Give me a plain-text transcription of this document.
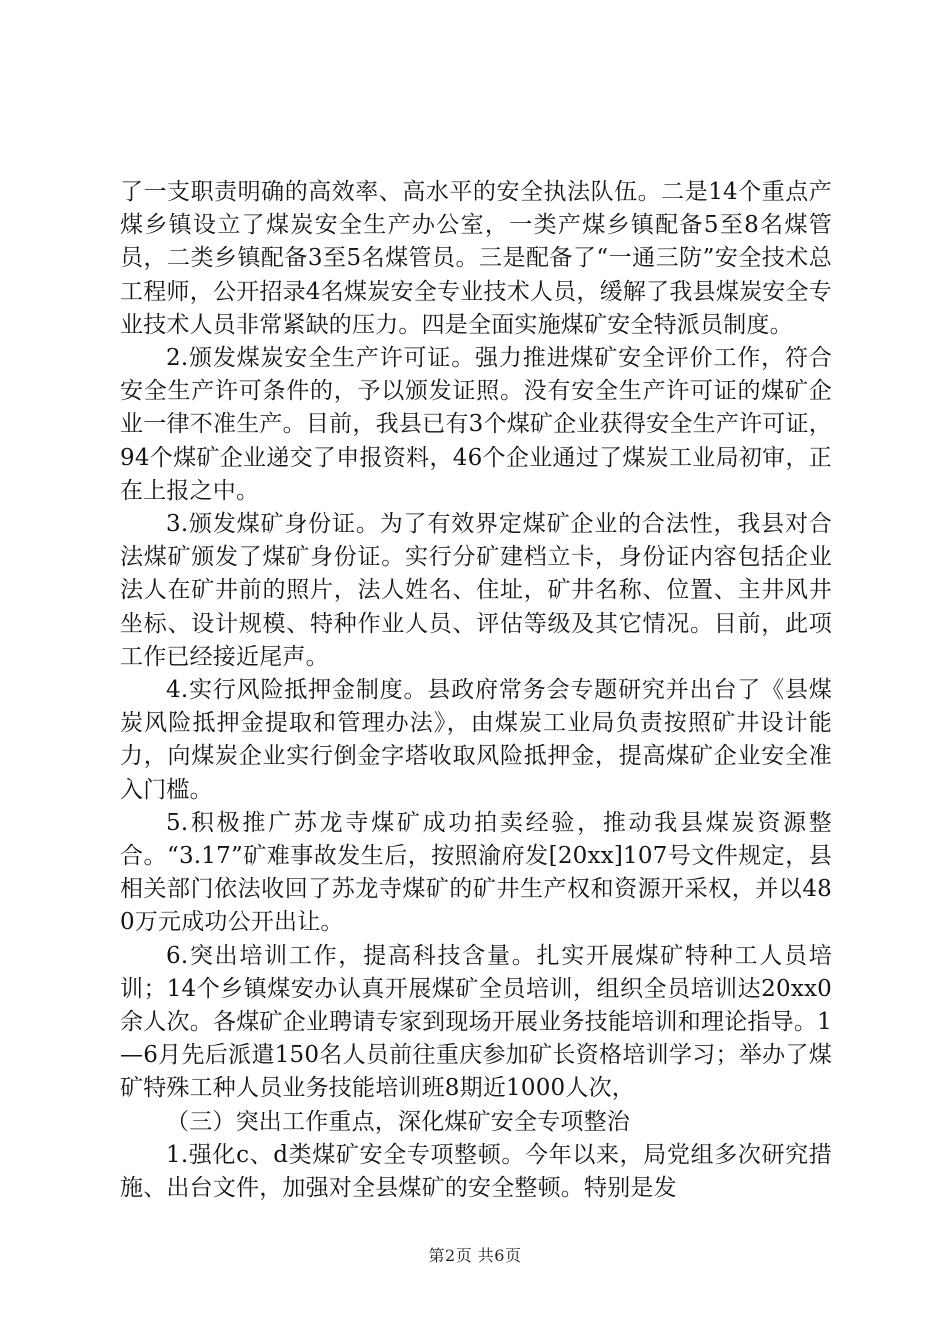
了一支职责明确的高效率、高水平的安全执法队伍。二是14个重点产煤乡镇设立了煤炭安全生产办公室，一类产煤乡镇配备5至8名煤管员，二类乡镇配备3至5名煤管员。三是配备了“一通三防”安全技术总工程师，公开招录4名煤炭安全专业技术人员，缓解了我县煤炭安全专业技术人员非常紧缺的压力。四是全面实施煤矿安全特派员制度。

2.颁发煤炭安全生产许可证。强力推进煤矿安全评价工作，符合安全生产许可条件的，予以颁发证照。没有安全生产许可证的煤矿企业一律不准生产。目前，我县已有3个煤矿企业获得安全生产许可证，94个煤矿企业递交了申报资料，46个企业通过了煤炭工业局初审，正在上报之中。

3.颁发煤矿身份证。为了有效界定煤矿企业的合法性，我县对合法煤矿颁发了煤矿身份证。实行分矿建档立卡，身份证内容包括企业法人在矿井前的照片，法人姓名、住址，矿井名称、位置、主井风井坐标、设计规模、特种作业人员、评估等级及其它情况。目前，此项工作已经接近尾声。

4.实行风险抵押金制度。县政府常务会专题研究并出台了《县煤炭风险抵押金提取和管理办法》，由煤炭工业局负责按照矿井设计能力，向煤炭企业实行倒金字塔收取风险抵押金，提高煤矿企业安全准入门槛。

5.积极推广苏龙寺煤矿成功拍卖经验，推动我县煤炭资源整合。“3.17”矿难事故发生后，按照渝府发[20xx]107号文件规定，县相关部门依法收回了苏龙寺煤矿的矿井生产权和资源开采权，并以480万元成功公开出让。

6.突出培训工作，提高科技含量。扎实开展煤矿特种工人员培训；14个乡镇煤安办认真开展煤矿全员培训，组织全员培训达20xx0余人次。各煤矿企业聘请专家到现场开展业务技能培训和理论指导。1—6月先后派遣150名人员前往重庆参加矿长资格培训学习；举办了煤矿特殊工种人员业务技能培训班8期近1000人次，

（三）突出工作重点，深化煤矿安全专项整治

1.强化c、d类煤矿安全专项整顿。今年以来，局党组多次研究措施、出台文件，加强对全县煤矿的安全整顿。特别是发

第2页 共6页
